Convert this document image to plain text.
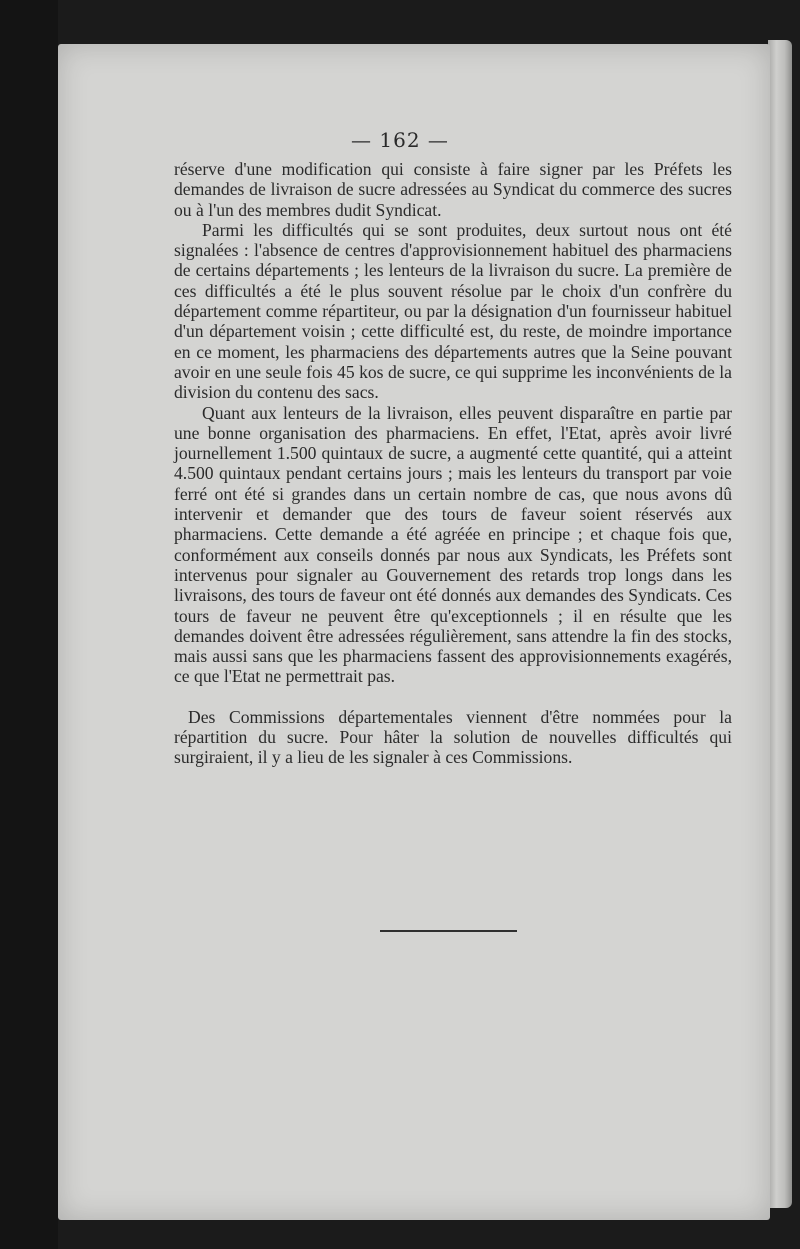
— 162 —

réserve d'une modification qui consiste à faire signer par les Préfets les demandes de livraison de sucre adressées au Syndicat du commerce des sucres ou à l'un des membres dudit Syndicat.

Parmi les difficultés qui se sont produites, deux surtout nous ont été signalées : l'absence de centres d'approvisionnement habituel des pharmaciens de certains départements ; les lenteurs de la livraison du sucre. La première de ces difficultés a été le plus souvent résolue par le choix d'un confrère du département comme répartiteur, ou par la désignation d'un fournisseur habituel d'un département voisin ; cette difficulté est, du reste, de moindre importance en ce moment, les pharmaciens des départements autres que la Seine pouvant avoir en une seule fois 45 kos de sucre, ce qui supprime les inconvénients de la division du contenu des sacs.

Quant aux lenteurs de la livraison, elles peuvent disparaître en partie par une bonne organisation des pharmaciens. En effet, l'Etat, après avoir livré journellement 1.500 quintaux de sucre, a augmenté cette quantité, qui a atteint 4.500 quintaux pendant certains jours ; mais les lenteurs du transport par voie ferré ont été si grandes dans un certain nombre de cas, que nous avons dû intervenir et demander que des tours de faveur soient réservés aux pharmaciens. Cette demande a été agréée en principe ; et chaque fois que, conformément aux conseils donnés par nous aux Syndicats, les Préfets sont intervenus pour signaler au Gouvernement des retards trop longs dans les livraisons, des tours de faveur ont été donnés aux demandes des Syndicats. Ces tours de faveur ne peuvent être qu'exceptionnels ; il en résulte que les demandes doivent être adressées régulièrement, sans attendre la fin des stocks, mais aussi sans que les pharmaciens fassent des approvisionnements exagérés, ce que l'Etat ne permettrait pas.

Des Commissions départementales viennent d'être nommées pour la répartition du sucre. Pour hâter la solution de nouvelles difficultés qui surgiraient, il y a lieu de les signaler à ces Commissions.
